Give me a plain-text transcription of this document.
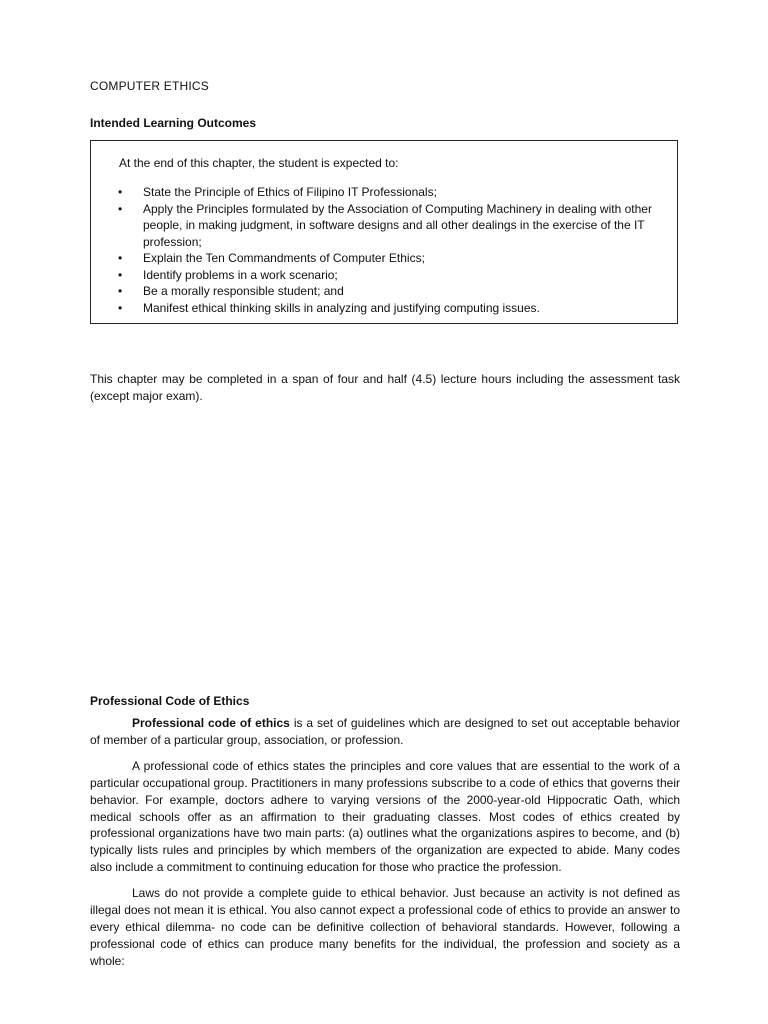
COMPUTER ETHICS
Intended Learning Outcomes
At the end of this chapter, the student is expected to:
• State the Principle of Ethics of Filipino IT Professionals;
• Apply the Principles formulated by the Association of Computing Machinery in dealing with other people, in making judgment, in software designs and all other dealings in the exercise of the IT profession;
• Explain the Ten Commandments of Computer Ethics;
• Identify problems in a work scenario;
• Be a morally responsible student; and
• Manifest ethical thinking skills in analyzing and justifying computing issues.
This chapter may be completed in a span of four and half (4.5) lecture hours including the assessment task (except major exam).
Professional Code of Ethics

Professional code of ethics is a set of guidelines which are designed to set out acceptable behavior of member of a particular group, association, or profession.

A professional code of ethics states the principles and core values that are essential to the work of a particular occupational group. Practitioners in many professions subscribe to a code of ethics that governs their behavior. For example, doctors adhere to varying versions of the 2000-year-old Hippocratic Oath, which medical schools offer as an affirmation to their graduating classes. Most codes of ethics created by professional organizations have two main parts: (a) outlines what the organizations aspires to become, and (b) typically lists rules and principles by which members of the organization are expected to abide. Many codes also include a commitment to continuing education for those who practice the profession.

Laws do not provide a complete guide to ethical behavior. Just because an activity is not defined as illegal does not mean it is ethical. You also cannot expect a professional code of ethics to provide an answer to every ethical dilemma- no code can be definitive collection of behavioral standards. However, following a professional code of ethics can produce many benefits for the individual, the profession and society as a whole:
